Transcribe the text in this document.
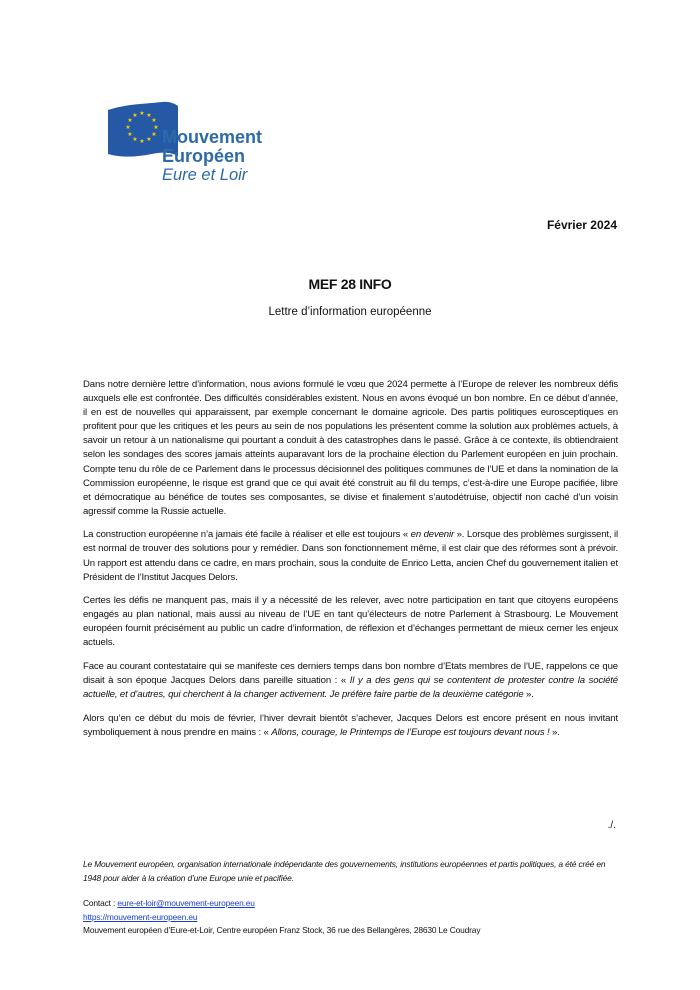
★ ★
★
★
★
★
★
★
★
★
★
★
Mouvement
Européen
Eure et Loir
Février 2024
MEF 28 INFO
Lettre d’information européenne

Dans notre dernière lettre d’information, nous avions formulé le vœu que 2024 permette à l’Europe de relever les nombreux défis auxquels elle est confrontée. Des difficultés considérables existent. Nous en avons évoqué un bon nombre. En ce début d’année, il en est de nouvelles qui apparaissent, par exemple concernant le domaine agricole. Des partis politiques eurosceptiques en profitent pour que les critiques et les peurs au sein de nos populations les présentent comme la solution aux problèmes actuels, à savoir un retour à un nationalisme qui pourtant a conduit à des catastrophes dans le passé. Grâce à ce contexte, ils obtiendraient selon les sondages des scores jamais atteints auparavant lors de la prochaine élection du Parlement européen en juin prochain. Compte tenu du rôle de ce Parlement dans le processus décisionnel des politiques communes de l’UE et dans la nomination de la Commission européenne, le risque est grand que ce qui avait été construit au fil du temps, c’est-à-dire une Europe pacifiée, libre et démocratique au bénéfice de toutes ses composantes, se divise et finalement s’autodétruise, objectif non caché d’un voisin agressif comme la Russie actuelle.

La construction européenne n’a jamais été facile à réaliser et elle est toujours « en devenir ». Lorsque des problèmes surgissent, il est normal de trouver des solutions pour y remédier. Dans son fonctionnement même, il est clair que des réformes sont à prévoir. Un rapport est attendu dans ce cadre, en mars prochain, sous la conduite de Enrico Letta, ancien Chef du gouvernement italien et Président de l’Institut Jacques Delors.

Certes les défis ne manquent pas, mais il y a nécessité de les relever, avec notre participation en tant que citoyens européens engagés au plan national, mais aussi au niveau de l’UE en tant qu’électeurs de notre Parlement à Strasbourg. Le Mouvement européen fournit précisément au public un cadre d’information, de réflexion et d’échanges permettant de mieux cerner les enjeux actuels.

Face au courant contestataire qui se manifeste ces derniers temps dans bon nombre d’Etats membres de l’UE, rappelons ce que disait à son époque Jacques Delors dans pareille situation : « Il y a des gens qui se contentent de protester contre la société actuelle, et d’autres, qui cherchent à la changer activement. Je préfère faire partie de la deuxième catégorie ».

Alors qu’en ce début du mois de février, l’hiver devrait bientôt s’achever, Jacques Delors est encore présent en nous invitant symboliquement à nous prendre en mains : « Allons, courage, le Printemps de l’Europe est toujours devant nous ! ».

./.

Le Mouvement européen, organisation internationale indépendante des gouvernements, institutions européennes et partis politiques, a été créé en 1948 pour aider à la création d’une Europe unie et pacifiée.

Contact : eure-et-loir@mouvement-europeen.eu
https://mouvement-europeen.eu
Mouvement européen d’Eure-et-Loir, Centre européen Franz Stock, 36 rue des Bellangères, 28630 Le Coudray
